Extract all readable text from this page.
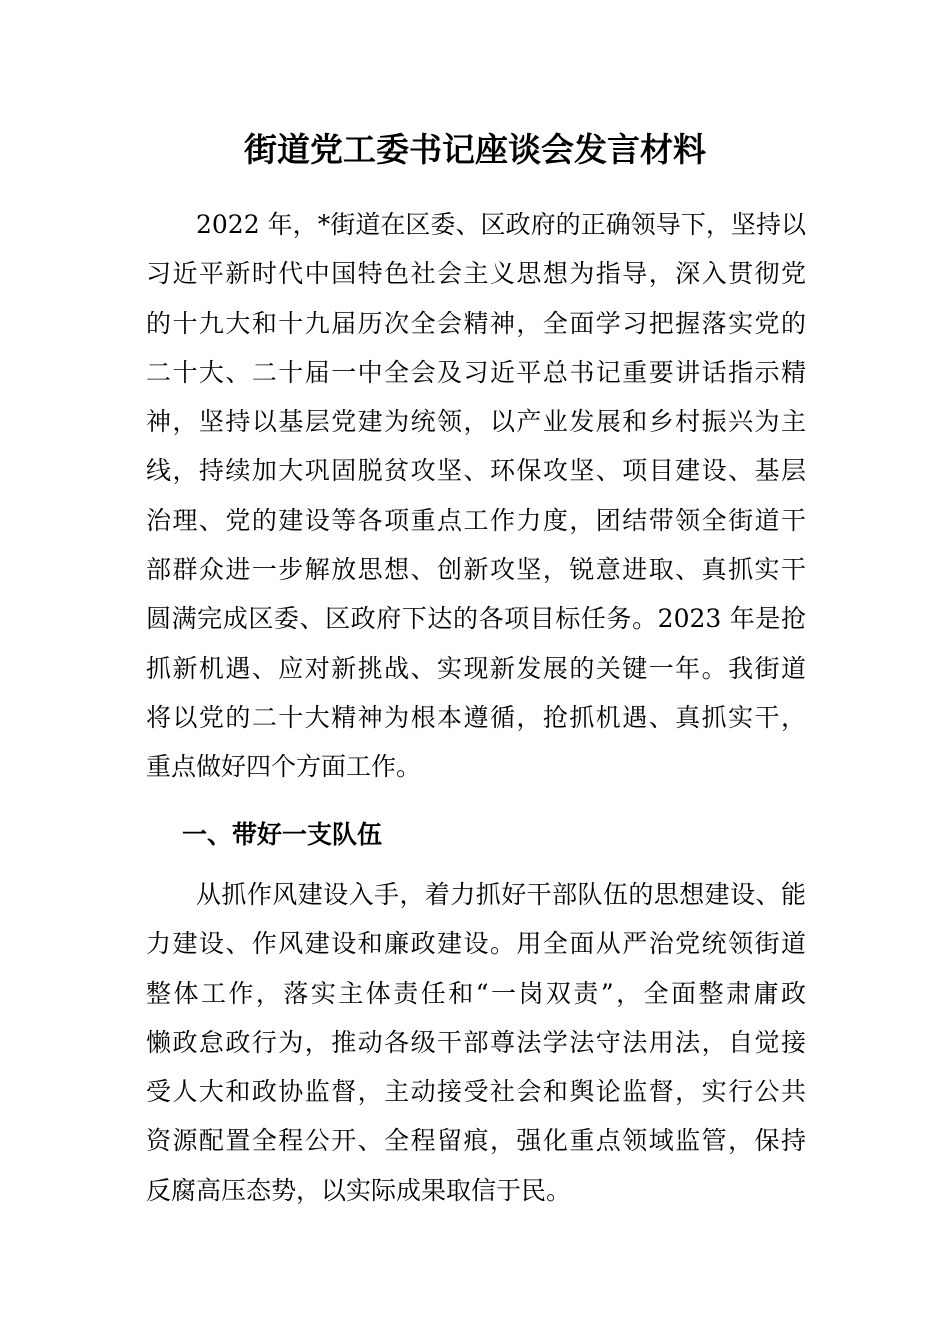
街道党工委书记座谈会发言材料
2022 年，*街道在区委、区政府的正确领导下，坚持以
习近平新时代中国特色社会主义思想为指导，深入贯彻党
的十九大和十九届历次全会精神，全面学习把握落实党的
二十大、二十届一中全会及习近平总书记重要讲话指示精
神，坚持以基层党建为统领，以产业发展和乡村振兴为主
线，持续加大巩固脱贫攻坚、环保攻坚、项目建设、基层
治理、党的建设等各项重点工作力度，团结带领全街道干
部群众进一步解放思想、创新攻坚，锐意进取、真抓实干
圆满完成区委、区政府下达的各项目标任务。2023 年是抢
抓新机遇、应对新挑战、实现新发展的关键一年。我街道
将以党的二十大精神为根本遵循，抢抓机遇、真抓实干，
重点做好四个方面工作。
一、带好一支队伍
从抓作风建设入手，着力抓好干部队伍的思想建设、能
力建设、作风建设和廉政建设。用全面从严治党统领街道
整体工作，落实主体责任和“一岗双责”，全面整肃庸政
懒政怠政行为，推动各级干部尊法学法守法用法，自觉接
受人大和政协监督，主动接受社会和舆论监督，实行公共
资源配置全程公开、全程留痕，强化重点领域监管，保持
反腐高压态势，以实际成果取信于民。
